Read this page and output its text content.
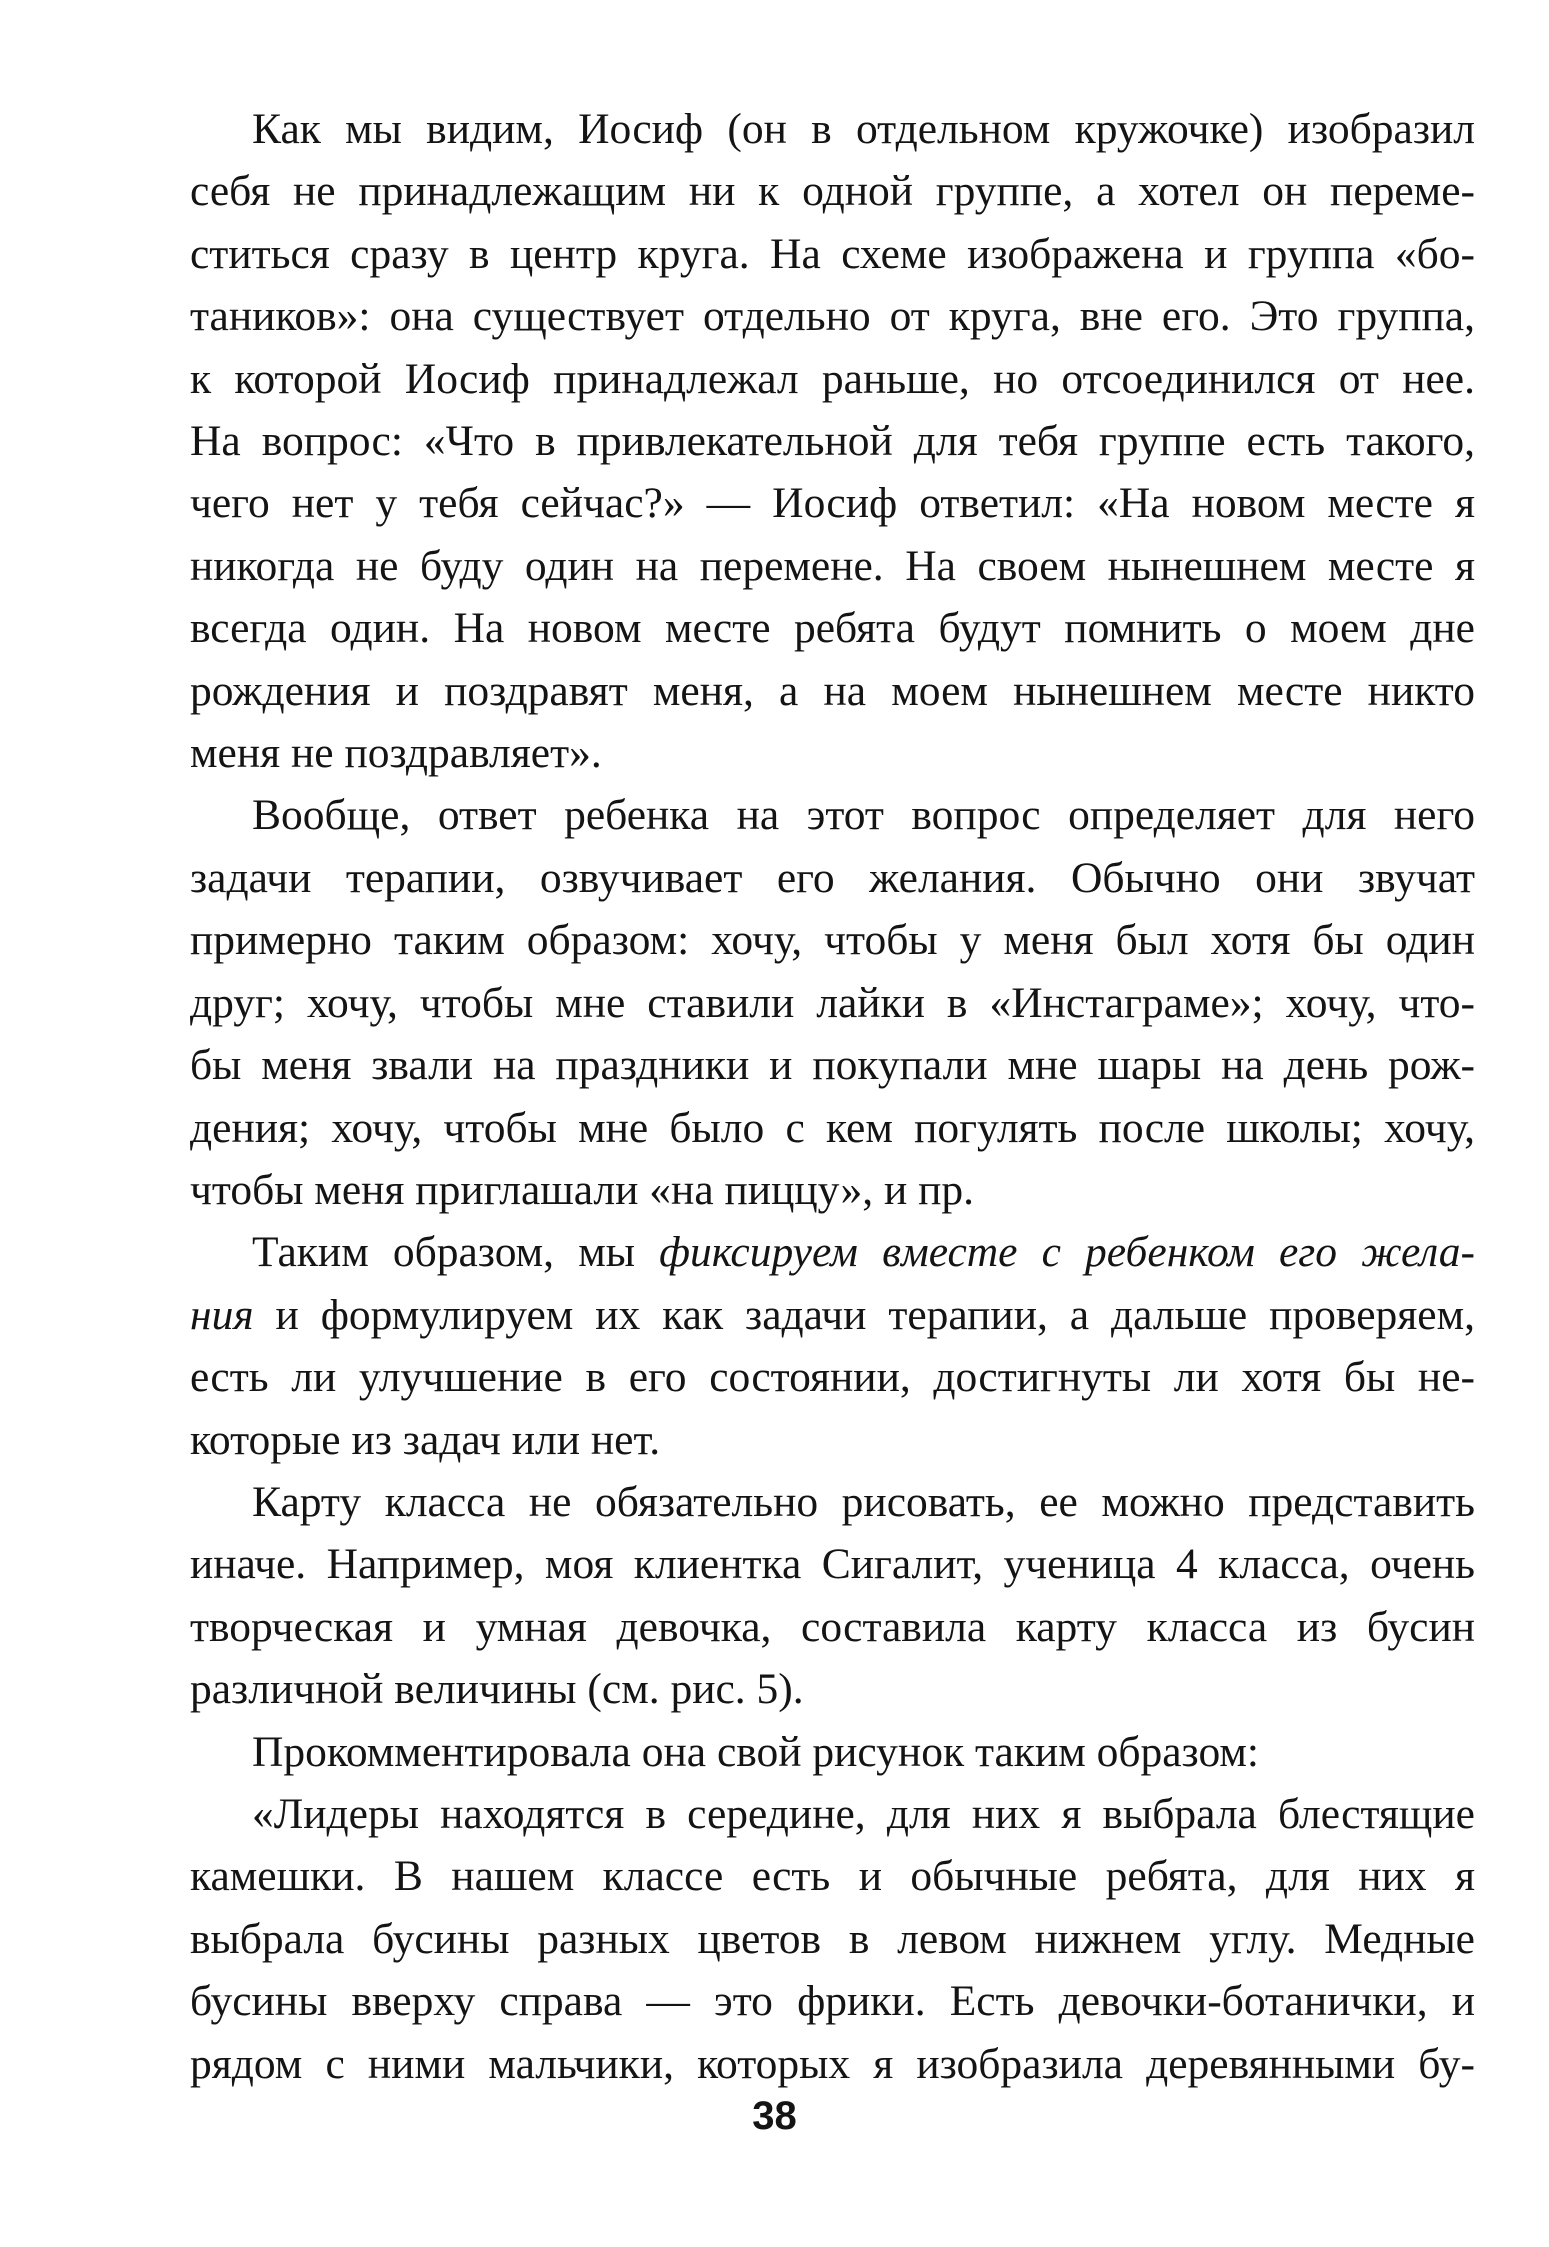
Как мы видим, Иосиф (он в отдельном кружочке) изобразил
себя не принадлежащим ни к одной группе, а хотел он переме-
ститься сразу в центр круга. На схеме изображена и группа «бо-
таников»: она существует отдельно от круга, вне его. Это группа,
к которой Иосиф принадлежал раньше, но отсоединился от нее.
На вопрос: «Что в привлекательной для тебя группе есть такого,
чего нет у тебя сейчас?» — Иосиф ответил: «На новом месте я
никогда не буду один на перемене. На своем нынешнем месте я
всегда один. На новом месте ребята будут помнить о моем дне
рождения и поздравят меня, а на моем нынешнем месте никто
меня не поздравляет».
Вообще, ответ ребенка на этот вопрос определяет для него
задачи терапии, озвучивает его желания. Обычно они звучат
примерно таким образом: хочу, чтобы у меня был хотя бы один
друг; хочу, чтобы мне ставили лайки в «Инстаграме»; хочу, что-
бы меня звали на праздники и покупали мне шары на день рож-
дения; хочу, чтобы мне было с кем погулять после школы; хочу,
чтобы меня приглашали «на пиццу», и пр.
Таким образом, мы фиксируем вместе с ребенком его жела-
ния и формулируем их как задачи терапии, а дальше проверяем,
есть ли улучшение в его состоянии, достигнуты ли хотя бы не-
которые из задач или нет.
Карту класса не обязательно рисовать, ее можно представить
иначе. Например, моя клиентка Сигалит, ученица 4 класса, очень
творческая и умная девочка, составила карту класса из бусин
различной величины (см. рис. 5).
Прокомментировала она свой рисунок таким образом:
«Лидеры находятся в середине, для них я выбрала блестящие
камешки. В нашем классе есть и обычные ребята, для них я
выбрала бусины разных цветов в левом нижнем углу. Медные
бусины вверху справа — это фрики. Есть девочки-ботанички, и
рядом с ними мальчики, которых я изобразила деревянными бу-
38
